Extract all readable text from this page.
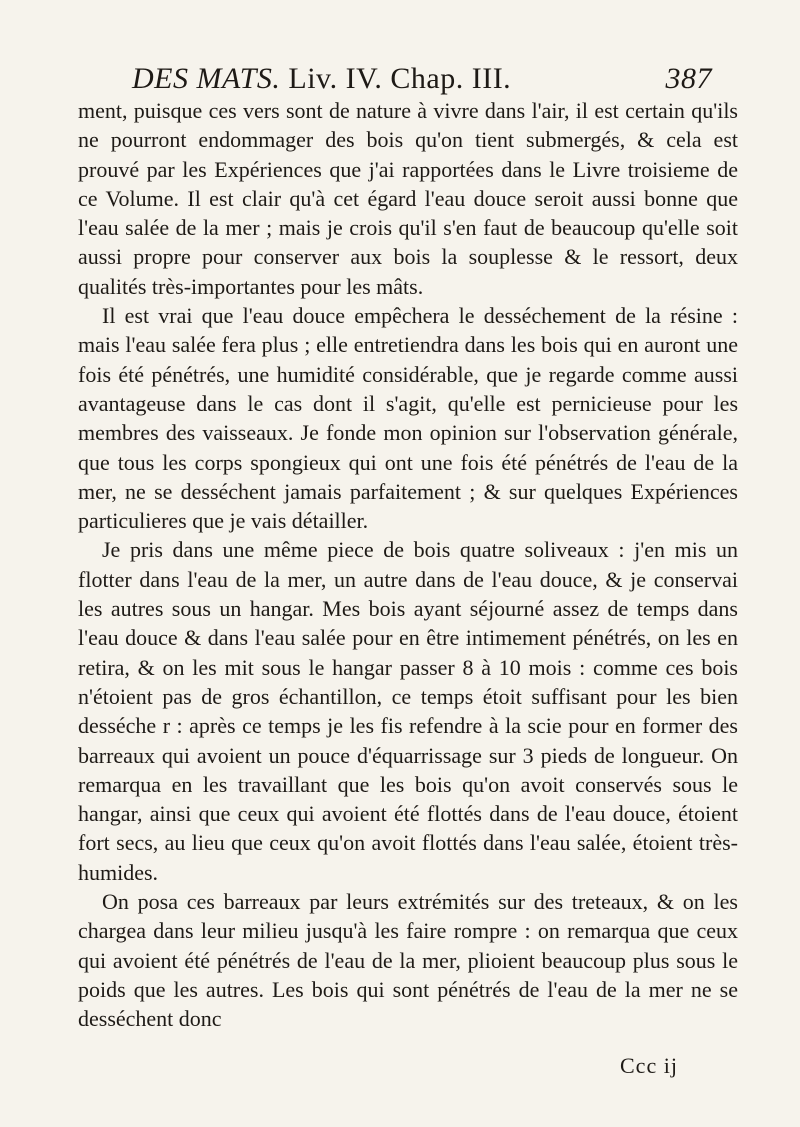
DES MATS. Liv. IV. Chap. III.	387

ment, puisque ces vers sont de nature à vivre dans l'air, il est certain qu'ils ne pourront endommager des bois qu'on tient submergés, & cela est prouvé par les Expériences que j'ai rapportées dans le Livre troisieme de ce Volume. Il est clair qu'à cet égard l'eau douce seroit aussi bonne que l'eau salée de la mer ; mais je crois qu'il s'en faut de beaucoup qu'elle soit aussi propre pour conserver aux bois la souplesse & le ressort, deux qualités très-importantes pour les mâts.

Il est vrai que l'eau douce empêchera le desséchement de la résine : mais l'eau salée fera plus ; elle entretiendra dans les bois qui en auront une fois été pénétrés, une humidité considérable, que je regarde comme aussi avantageuse dans le cas dont il s'agit, qu'elle est pernicieuse pour les membres des vaisseaux. Je fonde mon opinion sur l'observation générale, que tous les corps spongieux qui ont une fois été pénétrés de l'eau de la mer, ne se desséchent jamais parfaitement ; & sur quelques Expériences particulieres que je vais détailler.

Je pris dans une même piece de bois quatre soliveaux : j'en mis un flotter dans l'eau de la mer, un autre dans de l'eau douce, & je conservai les autres sous un hangar. Mes bois ayant séjourné assez de temps dans l'eau douce & dans l'eau salée pour en être intimement pénétrés, on les en retira, & on les mit sous le hangar passer 8 à 10 mois : comme ces bois n'étoient pas de gros échantillon, ce temps étoit suffisant pour les bien desséche r : après ce temps je les fis refendre à la scie pour en former des barreaux qui avoient un pouce d'équarrissage sur 3 pieds de longueur. On remarqua en les travaillant que les bois qu'on avoit conservés sous le hangar, ainsi que ceux qui avoient été flottés dans de l'eau douce, étoient fort secs, au lieu que ceux qu'on avoit flottés dans l'eau salée, étoient très-humides.

On posa ces barreaux par leurs extrémités sur des treteaux, & on les chargea dans leur milieu jusqu'à les faire rompre : on remarqua que ceux qui avoient été pénétrés de l'eau de la mer, plioient beaucoup plus sous le poids que les autres. Les bois qui sont pénétrés de l'eau de la mer ne se desséchent donc

Ccc ij
